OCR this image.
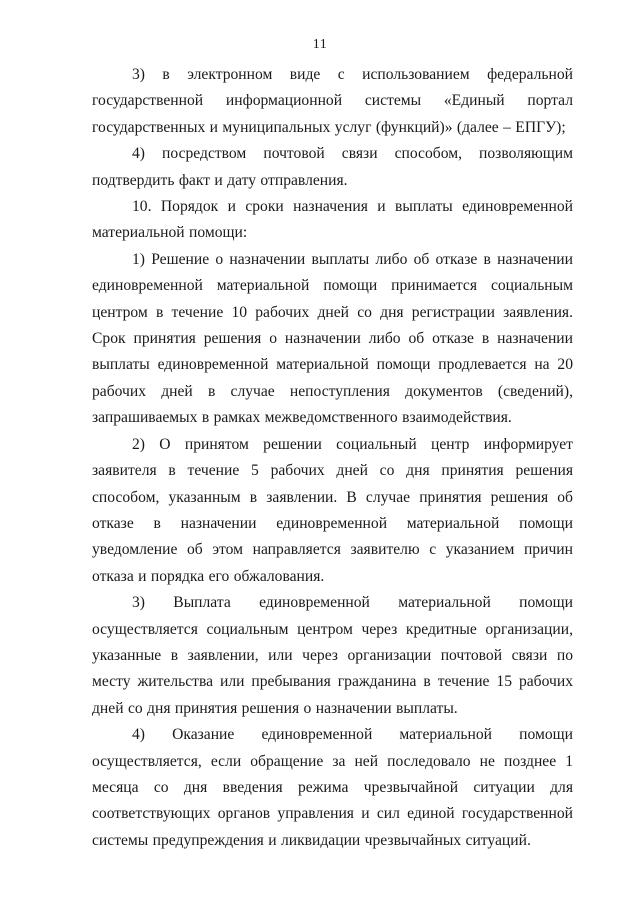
11

3) в электронном виде с использованием федеральной государственной информационной системы «Единый портал государственных и муниципальных услуг (функций)» (далее – ЕПГУ);

4) посредством почтовой связи способом, позволяющим подтвердить факт и дату отправления.

10. Порядок и сроки назначения и выплаты единовременной материальной помощи:

1) Решение о назначении выплаты либо об отказе в назначении единовременной материальной помощи принимается социальным центром в течение 10 рабочих дней со дня регистрации заявления. Срок принятия решения о назначении либо об отказе в назначении выплаты единовременной материальной помощи продлевается на 20 рабочих дней в случае непоступления документов (сведений), запрашиваемых в рамках межведомственного взаимодействия.

2) О принятом решении социальный центр информирует заявителя в течение 5 рабочих дней со дня принятия решения способом, указанным в заявлении. В случае принятия решения об отказе в назначении единовременной материальной помощи уведомление об этом направляется заявителю с указанием причин отказа и порядка его обжалования.

3) Выплата единовременной материальной помощи осуществляется социальным центром через кредитные организации, указанные в заявлении, или через организации почтовой связи по месту жительства или пребывания гражданина в течение 15 рабочих дней со дня принятия решения о назначении выплаты.

4) Оказание единовременной материальной помощи осуществляется, если обращение за ней последовало не позднее 1 месяца со дня введения режима чрезвычайной ситуации для соответствующих органов управления и сил единой государственной системы предупреждения и ликвидации чрезвычайных ситуаций.
